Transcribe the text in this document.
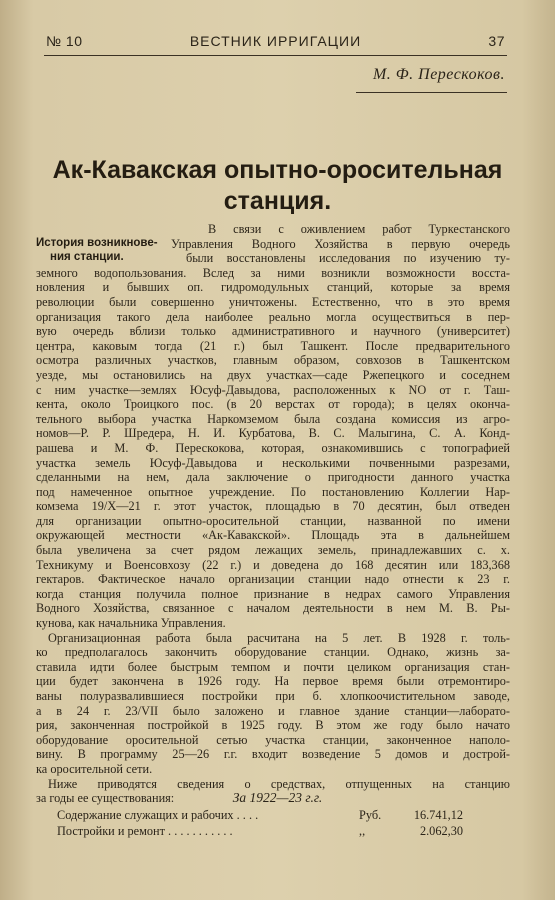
№ 10	ВЕСТНИК ИРРИГАЦИИ	37
М. Ф. Перескоков.
Ак-Кавакская опытно-оросительная
станция.
История возникнове-
ния станции.
В связи с оживлением работ Туркестанского
Управления Водного Хозяйства в первую очередь
были восстановлены исследования по изучению ту-
земного водопользования. Вслед за ними возникли возможности восста-
новления и бывших оп. гидромодульных станций, которые за время
революции были совершенно уничтожены. Естественно, что в это время
организация такого дела наиболее реально могла осуществиться в пер-
вую очередь вблизи только административного и научного (университет)
центра, каковым тогда (21 г.) был Ташкент. После предварительного
осмотра различных участков, главным образом, совхозов в Ташкентском
уезде, мы остановились на двух участках—саде Ржепецкого и соседнем
с ним участке—землях Юсуф-Давыдова, расположенных к NO от г. Таш-
кента, около Троицкого пос. (в 20 верстах от города); в целях оконча-
тельного выбора участка Наркомземом была создана комиссия из агро-
номов—Р. Р. Шредера, Н. И. Курбатова, В. С. Малыгина, С. А. Конд-
рашева и М. Ф. Перескокова, которая, ознакомившись с топографией
участка земель Юсуф-Давыдова и несколькими почвенными разрезами,
сделанными на нем, дала заключение о пригодности данного участка
под намеченное опытное учреждение. По постановлению Коллегии Нар-
комзема 19/X—21 г. этот участок, площадью в 70 десятин, был отведен
для организации опытно-оросительной станции, названной по имени
окружающей местности «Ак-Кавакской». Площадь эта в дальнейшем
была увеличена за счет рядом лежащих земель, принадлежавших с. х.
Техникуму и Военсовхозу (22 г.) и доведена до 168 десятин или 183,368
гектаров. Фактическое начало организации станции надо отнести к 23 г.
когда станция получила полное признание в недрах самого Управления
Водного Хозяйства, связанное с началом деятельности в нем М. В. Ры-
кунова, как начальника Управления.
Организационная работа была расчитана на 5 лет. В 1928 г. толь-
ко предполагалось закончить оборудование станции. Однако, жизнь за-
ставила идти более быстрым темпом и почти целиком организация стан-
ции будет закончена в 1926 году. На первое время были отремонтиро-
ваны полуразвалившиеся постройки при б. хлопкоочистительном заводе,
а в 24 г. 23/VII было заложено и главное здание станции—лаборато-
рия, законченная постройкой в 1925 году. В этом же году было начато
оборудование оросительной сетью участка станции, законченное наполо-
вину. В программу 25—26 г.г. входит возведение 5 домов и дострой-
ка оросительной сети.
Ниже приводятся сведения о средствах, отпущенных на станцию
за годы ее существования:	За 1922—23 г.г.
Содержание служащих и рабочих . . . .	Руб.	16.741,12
Постройки и ремонт . . . . . . . . . . .	,,	2.062,30
